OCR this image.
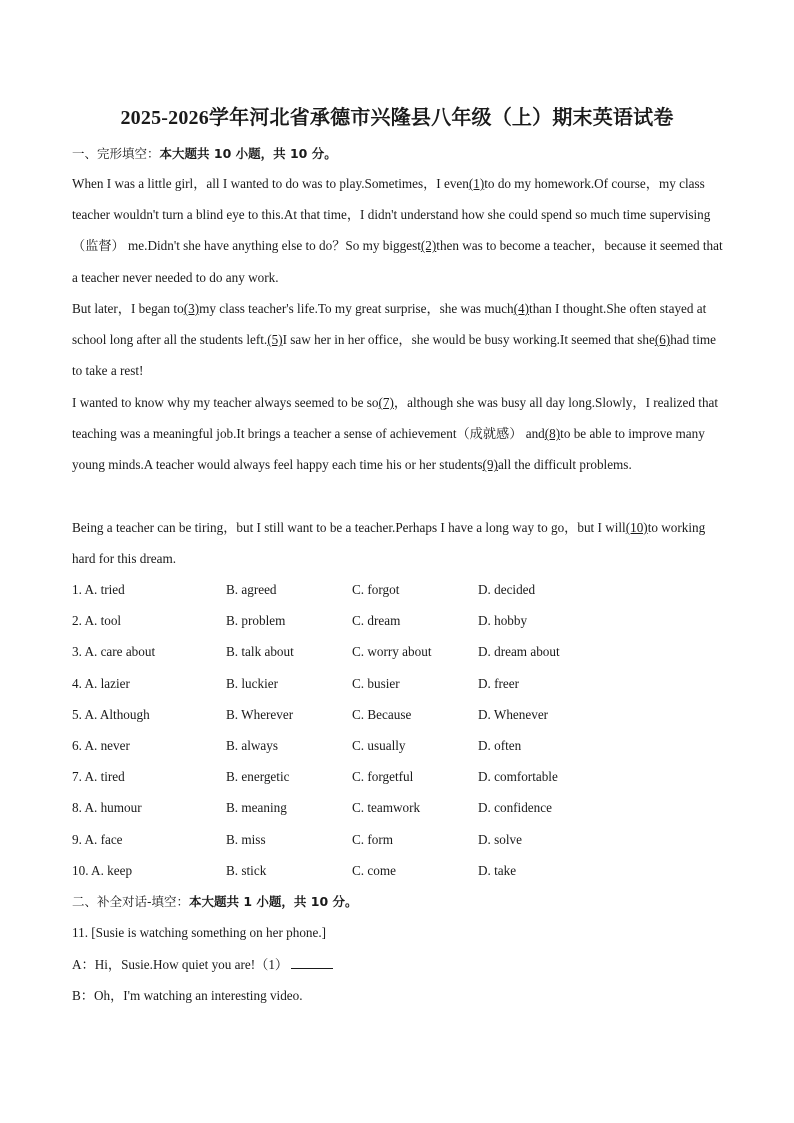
2025-2026学年河北省承德市兴隆县八年级（上）期末英语试卷
一、完形填空：本大题共 10 小题，共 10 分。
When I was a little girl，all I wanted to do was to play.Sometimes，I even(1)to do my homework.Of course，my class teacher wouldn't turn a blind eye to this.At that time，I didn't understand how she could spend so much time supervising （监督） me.Didn't she have anything else to do？So my biggest(2)then was to become a teacher，because it seemed that a teacher never needed to do any work.
But later，I began to(3)my class teacher's life.To my great surprise，she was much(4)than I thought.She often stayed at school long after all the students left.(5)I saw her in her office，she would be busy working.It seemed that she(6)had time to take a rest!
I wanted to know why my teacher always seemed to be so(7)，although she was busy all day long.Slowly，I realized that teaching was a meaningful job.It brings a teacher a sense of achievement（成就感） and(8)to be able to improve many young minds.A teacher would always feel happy each time his or her students(9)all the difficult problems.
Being a teacher can be tiring，but I still want to be a teacher.Perhaps I have a long way to go，but I will(10)to working hard for this dream.
1. A. tried	B. agreed	C. forgot	D. decided
2. A. tool	B. problem	C. dream	D. hobby
3. A. care about	B. talk about	C. worry about	D. dream about
4. A. lazier	B. luckier	C. busier	D. freer
5. A. Although	B. Wherever	C. Because	D. Whenever
6. A. never	B. always	C. usually	D. often
7. A. tired	B. energetic	C. forgetful	D. comfortable
8. A. humour	B. meaning	C. teamwork	D. confidence
9. A. face	B. miss	C. form	D. solve
10. A. keep	B. stick	C. come	D. take
二、补全对话-填空：本大题共 1 小题，共 10 分。
11. [Susie is watching something on her phone.]
A：Hi，Susie.How quiet you are!（1）
B：Oh，I'm watching an interesting video.
